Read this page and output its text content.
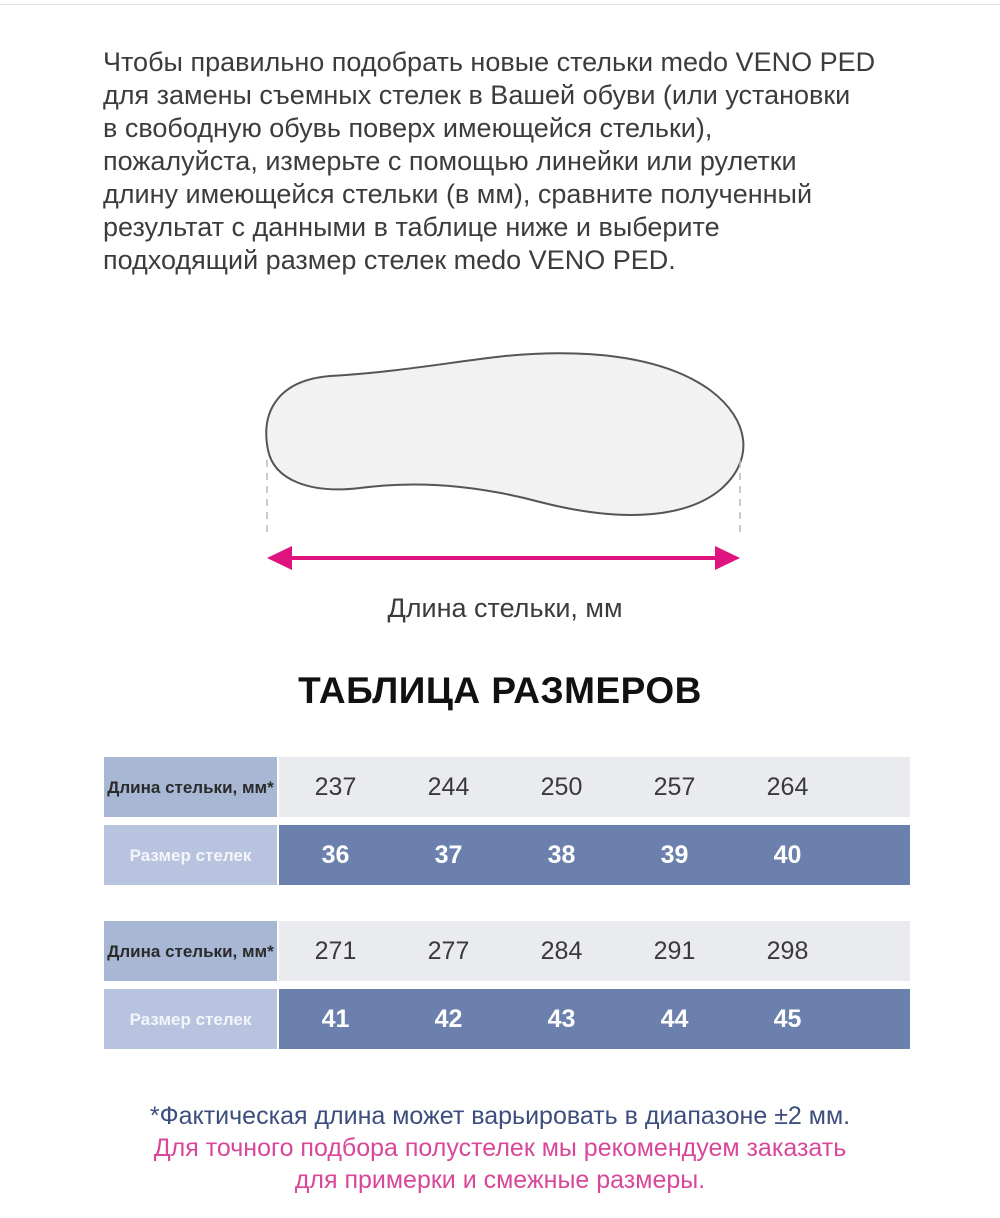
Чтобы правильно подобрать новые стельки medo VENO PED
для замены съемных стелек в Вашей обуви (или установки
в свободную обувь поверх имеющейся стельки),
пожалуйста, измерьте с помощью линейки или рулетки
длину имеющейся стельки (в мм), сравните полученный
результат с данными в таблице ниже и выберите
подходящий размер стелек medo VENO PED.
Длина стельки, мм
ТАБЛИЦА РАЗМЕРОВ
Длина стельки, мм*	237	244	250	257	264
Размер стелек	36	37	38	39	40
Длина стельки, мм*	271	277	284	291	298
Размер стелек	41	42	43	44	45
*Фактическая длина может варьировать в диапазоне ±2 мм.
Для точного подбора полустелек мы рекомендуем заказать
для примерки и смежные размеры.
